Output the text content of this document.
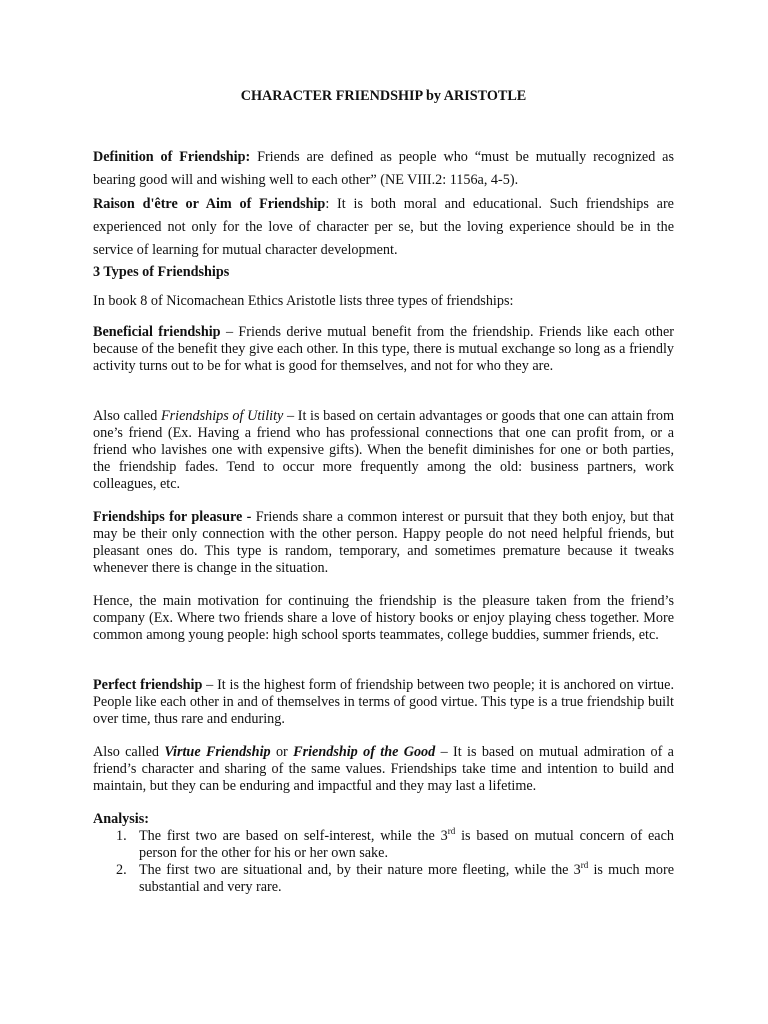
CHARACTER FRIENDSHIP by ARISTOTLE
Definition of Friendship: Friends are defined as people who “must be mutually recognized as bearing good will and wishing well to each other” (NE VIII.2: 1156a, 4-5).
Raison d'être or Aim of Friendship: It is both moral and educational. Such friendships are experienced not only for the love of character per se, but the loving experience should be in the service of learning for mutual character development.
3 Types of Friendships
In book 8 of Nicomachean Ethics Aristotle lists three types of friendships:
Beneficial friendship – Friends derive mutual benefit from the friendship. Friends like each other because of the benefit they give each other. In this type, there is mutual exchange so long as a friendly activity turns out to be for what is good for themselves, and not for who they are.
Also called Friendships of Utility – It is based on certain advantages or goods that one can attain from one’s friend (Ex. Having a friend who has professional connections that one can profit from, or a friend who lavishes one with expensive gifts). When the benefit diminishes for one or both parties, the friendship fades. Tend to occur more frequently among the old: business partners, work colleagues, etc.
Friendships for pleasure - Friends share a common interest or pursuit that they both enjoy, but that may be their only connection with the other person. Happy people do not need helpful friends, but pleasant ones do. This type is random, temporary, and sometimes premature because it tweaks whenever there is change in the situation.
Hence, the main motivation for continuing the friendship is the pleasure taken from the friend’s company (Ex. Where two friends share a love of history books or enjoy playing chess together. More common among young people: high school sports teammates, college buddies, summer friends, etc.
Perfect friendship – It is the highest form of friendship between two people; it is anchored on virtue. People like each other in and of themselves in terms of good virtue. This type is a true friendship built over time, thus rare and enduring.
Also called Virtue Friendship or Friendship of the Good – It is based on mutual admiration of a friend’s character and sharing of the same values. Friendships take time and intention to build and maintain, but they can be enduring and impactful and they may last a lifetime.
Analysis:
1. The first two are based on self-interest, while the 3rd is based on mutual concern of each person for the other for his or her own sake.
2. The first two are situational and, by their nature more fleeting, while the 3rd is much more substantial and very rare.
